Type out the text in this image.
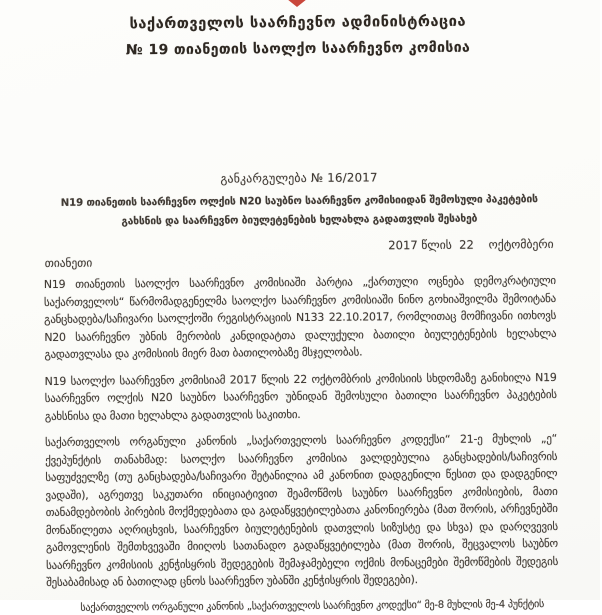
საქართველოს საარჩევნო ადმინისტრაცია
№ 19 თიანეთის საოლქო საარჩევნო კომისია
განკარგულება № 16/2017
N19 თიანეთის საარჩევნო ოლქის N20 საუბნო საარჩევნო კომისიიდან შემოსული პაკეტების
გახსნის და საარჩევნო ბიულეტენების ხელახლა გადათვლის შესახებ
2017 წლის  22    ოქტომბერი
თიანეთი

N19 თიანეთის საოლქო საარჩევნო კომისიაში პარტია „ქართული ოცნება დემოკრატიული საქართველოს“ წარმომადგენელმა საოლქო საარჩევნო კომისიაში ნინო გოხიაშვილმა შემოიტანა განცხადება/საჩივარი საოლქოში რეგისტრაციის N133 22.10.2017, რომლითაც მომჩივანი ითხოვს N20 საარჩევნო უბნის მერობის კანდიდატთა დალუქული ბათილი ბიულეტენების ხელახლა გადათვლასა და კომისიის მიერ მათ ბათილობაზე მსჯელობას.

N19 საოლქო საარჩევნო კომისიამ 2017 წლის 22 ოქტომბრის კომისიის სხდომაზე განიხილა N19 საარჩევნო ოლქის N20 საუბნო საარჩევნო უბნიდან შემოსული ბათილი საარჩევნო პაკეტების გახსნისა და მათი ხელახლა გადათვლის საკითხი.

საქართველოს ორგანული კანონის „საქართველოს საარჩევნო კოდექსი“ 21-ე მუხლის „ე“ ქვეპუნქტის თანახმად: საოლქო საარჩევნო კომისია ვალდებულია განცხადების/საჩივრის საფუძველზე (თუ განცხადება/საჩივარი შეტანილია ამ კანონით დადგენილი წესით და დადგენილ ვადაში), აგრეთვე საკუთარი ინიციატივით შეამოწმოს საუბნო საარჩევნო კომისიების, მათი თანამდებობის პირების მოქმედებათა და გადაწყვეტილებათა კანონიერება (მათ შორის, არჩევნებში მონაწილეთა აღრიცხვის, საარჩევნო ბიულეტენების დათვლის სიზუსტე და სხვა) და დარღვევის გამოვლენის შემთხვევაში მიიღოს სათანადო გადაწყვეტილება (მათ შორის, შეცვალოს საუბნო საარჩევნო კომისიის კენჭისყრის შედეგების შემაჯამებელი ოქმის მონაცემები შემოწმების შედეგის შესაბამისად ან ბათილად ცნოს საარჩევნო უბანში კენჭისყრის შედეგები).

საქართველოს ორგანული კანონის „საქართველოს საარჩევნო კოდექსი“ მე-8 მუხლის მე-4 პუნქტის
